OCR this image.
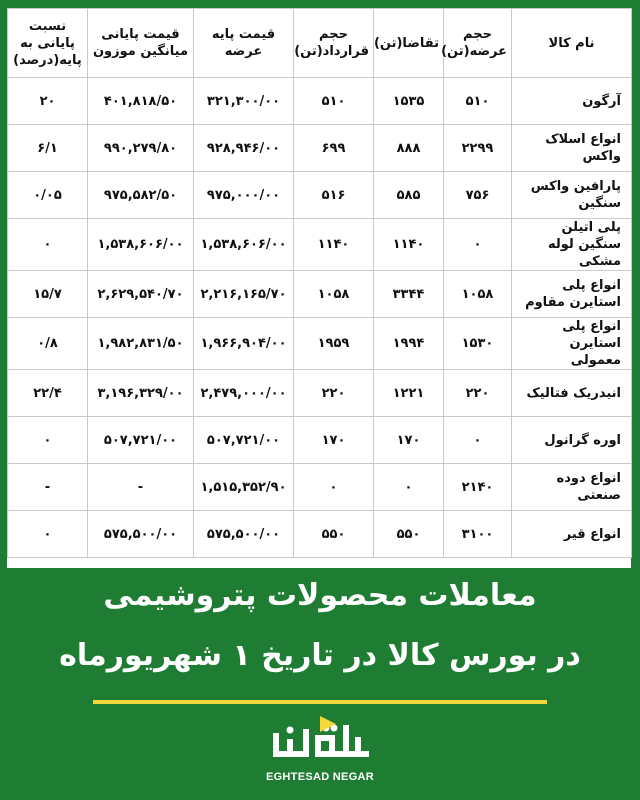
نام کالا	حجم عرضه(تن)	تقاضا(تن)	حجم قرارداد(تن)	قیمت پایه عرضه	قیمت پایانی میانگین موزون	نسبت پایانی به پایه(درصد)
آرگون	۵۱۰	۱۵۳۵	۵۱۰	۳۲۱,۳۰۰/۰۰	۴۰۱,۸۱۸/۵۰	۲۰
انواع اسلاک واکس	۲۲۹۹	۸۸۸	۶۹۹	۹۲۸,۹۴۶/۰۰	۹۹۰,۲۷۹/۸۰	۶/۱
پارافین واکس سنگین	۷۵۶	۵۸۵	۵۱۶	۹۷۵,۰۰۰/۰۰	۹۷۵,۵۸۲/۵۰	۰/۰۵
پلی اتیلن سنگین لوله مشکی	۰	۱۱۴۰	۱۱۴۰	۱,۵۳۸,۶۰۶/۰۰	۱,۵۳۸,۶۰۶/۰۰	۰
انواع پلی استایرن مقاوم	۱۰۵۸	۳۳۴۴	۱۰۵۸	۲,۲۱۶,۱۶۵/۷۰	۲,۶۲۹,۵۴۰/۷۰	۱۵/۷
انواع پلی استایرن معمولی	۱۵۳۰	۱۹۹۴	۱۹۵۹	۱,۹۶۶,۹۰۴/۰۰	۱,۹۸۲,۸۳۱/۵۰	۰/۸
انیدریک فتالیک	۲۲۰	۱۲۲۱	۲۲۰	۲,۴۷۹,۰۰۰/۰۰	۳,۱۹۶,۳۲۹/۰۰	۲۲/۴
اوره گرانول	۰	۱۷۰	۱۷۰	۵۰۷,۷۲۱/۰۰	۵۰۷,۷۲۱/۰۰	۰
انواع دوده صنعتی	۲۱۴۰	۰	۰	۱,۵۱۵,۳۵۲/۹۰	-	-
انواع قیر	۳۱۰۰	۵۵۰	۵۵۰	۵۷۵,۵۰۰/۰۰	۵۷۵,۵۰۰/۰۰	۰
معاملات محصولات پتروشیمی
در بورس کالا در تاریخ ۱ شهریورماه
EGHTESAD NEGAR
